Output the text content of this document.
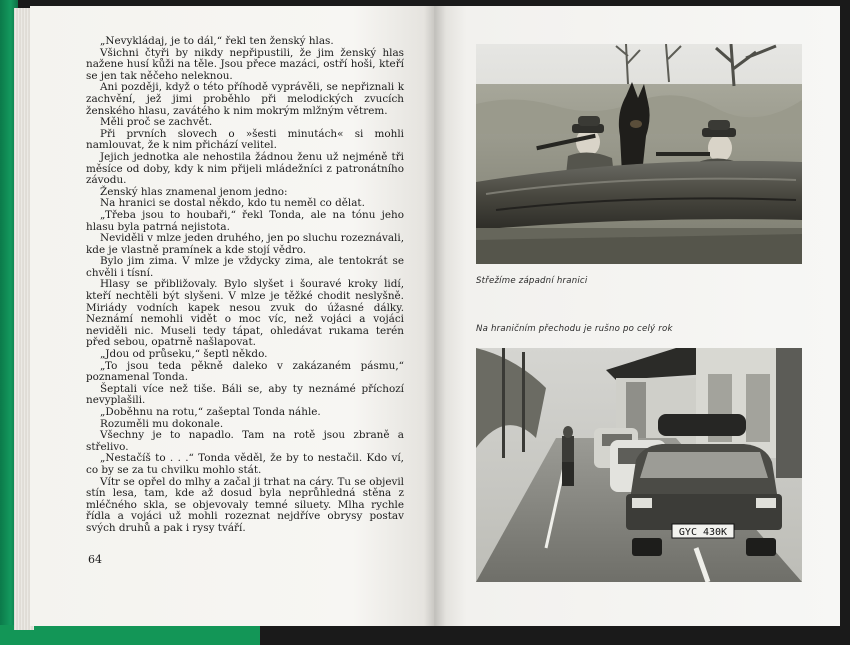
„Nevykládaj, je to dál,“ řekl ten ženský hlas.

Všichni čtyři by nikdy nepřipustili, že jim ženský hlas nažene husí kůži na těle. Jsou přece mazáci, ostří hoši, kteří se jen tak něčeho neleknou.

Ani později, když o této příhodě vyprávěli, se nepřiznali k zachvění, jež jimi proběhlo při melodických zvucích ženského hlasu, zavátého k nim mokrým mlžným větrem.

Měli proč se zachvět.

Při prvních slovech o »šesti minutách« si mohli namlouvat, že k nim přichází velitel.

Jejich jednotka ale nehostila žádnou ženu už nejméně tři měsíce od doby, kdy k nim přijeli mládežníci z patronátního závodu.

Ženský hlas znamenal jenom jedno:

Na hranici se dostal někdo, kdo tu neměl co dělat.

„Třeba jsou to houbaři,“ řekl Tonda, ale na tónu jeho hlasu byla patrná nejistota.

Neviděli v mlze jeden druhého, jen po sluchu rozeznávali, kde je vlastně pramínek a kde stojí vědro.

Bylo jim zima. V mlze je vždycky zima, ale tentokrát se chvěli i tísní.

Hlasy se přibližovaly. Bylo slyšet i šouravé kroky lidí, kteří nechtěli být slyšeni. V mlze je těžké chodit neslyšně. Miriády vodních kapek nesou zvuk do úžasné dálky. Neznámí nemohli vidět o moc víc, než vojáci a vojáci neviděli nic. Museli tedy tápat, ohledávat rukama terén před sebou, opatrně našlapovat.

„Jdou od průseku,“ šeptl někdo.

„To jsou teda pěkně daleko v zakázaném pásmu,“ poznamenal Tonda.

Šeptali více než tiše. Báli se, aby ty neznámé příchozí nevyplašili.

„Doběhnu na rotu,“ zašeptal Tonda náhle.

Rozuměli mu dokonale.

Všechny je to napadlo. Tam na rotě jsou zbraně a střelivo.

„Nestačíš to . . .“ Tonda věděl, že by to nestačil. Kdo ví, co by se za tu chvilku mohlo stát.

Vítr se opřel do mlhy a začal ji trhat na cáry. Tu se objevil stín lesa, tam, kde až dosud byla neprůhledná stěna z mléčného skla, se objevovaly temné siluety. Mlha rychle řídla a vojáci už mohli rozeznat nejdříve obrysy postav svých druhů a pak i rysy tváří.

64
Střežíme západní hranici
Na hraničním přechodu je rušno po celý rok
GYC 430K
